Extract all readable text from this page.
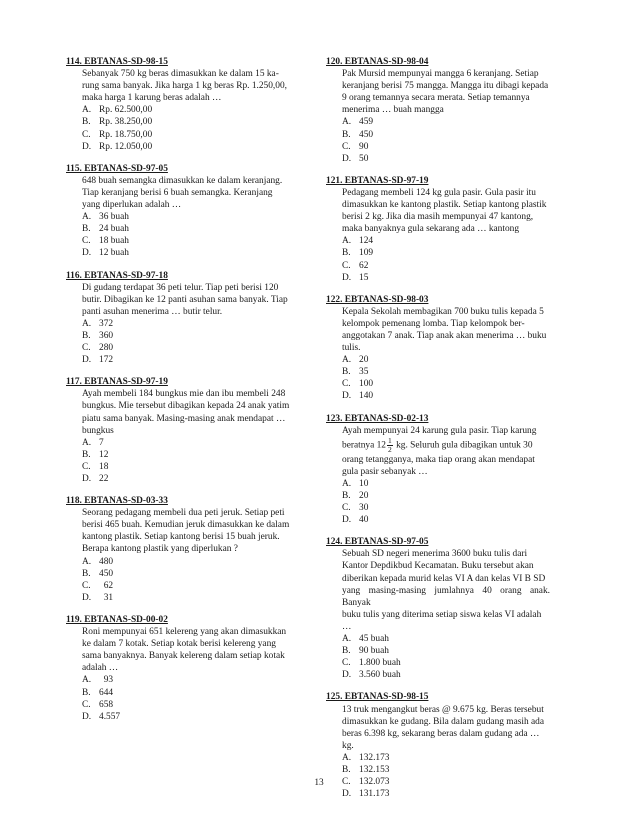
114. EBTANAS-SD-98-15
Sebanyak 750 kg beras dimasukkan ke dalam 15 ka-
rung sama banyak. Jika harga 1 kg beras Rp. 1.250,00,
maka harga 1 karung beras adalah …
A. Rp. 62.500,00
B. Rp. 38.250,00
C. Rp. 18.750,00
D. Rp. 12.050,00
115. EBTANAS-SD-97-05
648 buah semangka dimasukkan ke dalam keranjang.
Tiap keranjang berisi 6 buah semangka. Keranjang
yang diperlukan adalah …
A. 36 buah
B. 24 buah
C. 18 buah
D. 12 buah
116. EBTANAS-SD-97-18
Di gudang terdapat 36 peti telur. Tiap peti berisi 120
butir. Dibagikan ke 12 panti asuhan sama banyak. Tiap
panti asuhan menerima … butir telur.
A. 372
B. 360
C. 280
D. 172
117. EBTANAS-SD-97-19
Ayah membeli 184 bungkus mie dan ibu membeli 248
bungkus. Mie tersebut dibagikan kepada 24 anak yatim
piatu sama banyak. Masing-masing anak mendapat …
bungkus
A. 7
B. 12
C. 18
D. 22
118. EBTANAS-SD-03-33
Seorang pedagang membeli dua peti jeruk. Setiap peti
berisi 465 buah. Kemudian jeruk dimasukkan ke dalam
kantong plastik. Setiap kantong berisi 15 buah jeruk.
Berapa kantong plastik yang diperlukan ?
A. 480
B. 450
C. 62
D. 31
119. EBTANAS-SD-00-02
Roni mempunyai 651 kelereng yang akan dimasukkan
ke dalam 7 kotak. Setiap kotak berisi kelereng yang
sama banyaknya. Banyak kelereng dalam setiap kotak
adalah …
A. 93
B. 644
C. 658
D. 4.557
120. EBTANAS-SD-98-04
Pak Mursid mempunyai mangga 6 keranjang. Setiap
keranjang berisi 75 mangga. Mangga itu dibagi kepada
9 orang temannya secara merata. Setiap temannya
menerima … buah mangga
A. 459
B. 450
C. 90
D. 50
121. EBTANAS-SD-97-19
Pedagang membeli 124 kg gula pasir. Gula pasir itu
dimasukkan ke kantong plastik. Setiap kantong plastik
berisi 2 kg. Jika dia masih mempunyai 47 kantong,
maka banyaknya gula sekarang ada … kantong
A. 124
B. 109
C. 62
D. 15
122. EBTANAS-SD-98-03
Kepala Sekolah membagikan 700 buku tulis kepada 5
kelompok pemenang lomba. Tiap kelompok ber-
anggotakan 7 anak. Tiap anak akan menerima … buku
tulis.
A. 20
B. 35
C. 100
D. 140
123. EBTANAS-SD-02-13
Ayah mempunyai 24 karung gula pasir. Tiap karung
beratnya $12 \frac{1}{2}$ kg. Seluruh gula dibagikan untuk 30
orang tetangganya, maka tiap orang akan mendapat
gula pasir sebanyak …
A. 10
B. 20
C. 30
D. 40
124. EBTANAS-SD-97-05
Sebuah SD negeri menerima 3600 buku tulis dari
Kantor Depdikbud Kecamatan. Buku tersebut akan
diberikan kepada murid kelas VI A dan kelas VI B SD
yang masing-masing jumlahnya 40 orang anak. Banyak
buku tulis yang diterima setiap siswa kelas VI adalah
…
A. 45 buah
B. 90 buah
C. 1.800 buah
D. 3.560 buah
125. EBTANAS-SD-98-15
13 truk mengangkut beras @ 9.675 kg. Beras tersebut
dimasukkan ke gudang. Bila dalam gudang masih ada
beras 6.398 kg, sekarang beras dalam gudang ada …
kg.
A. 132.173
B. 132.153
C. 132.073
D. 131.173
13
